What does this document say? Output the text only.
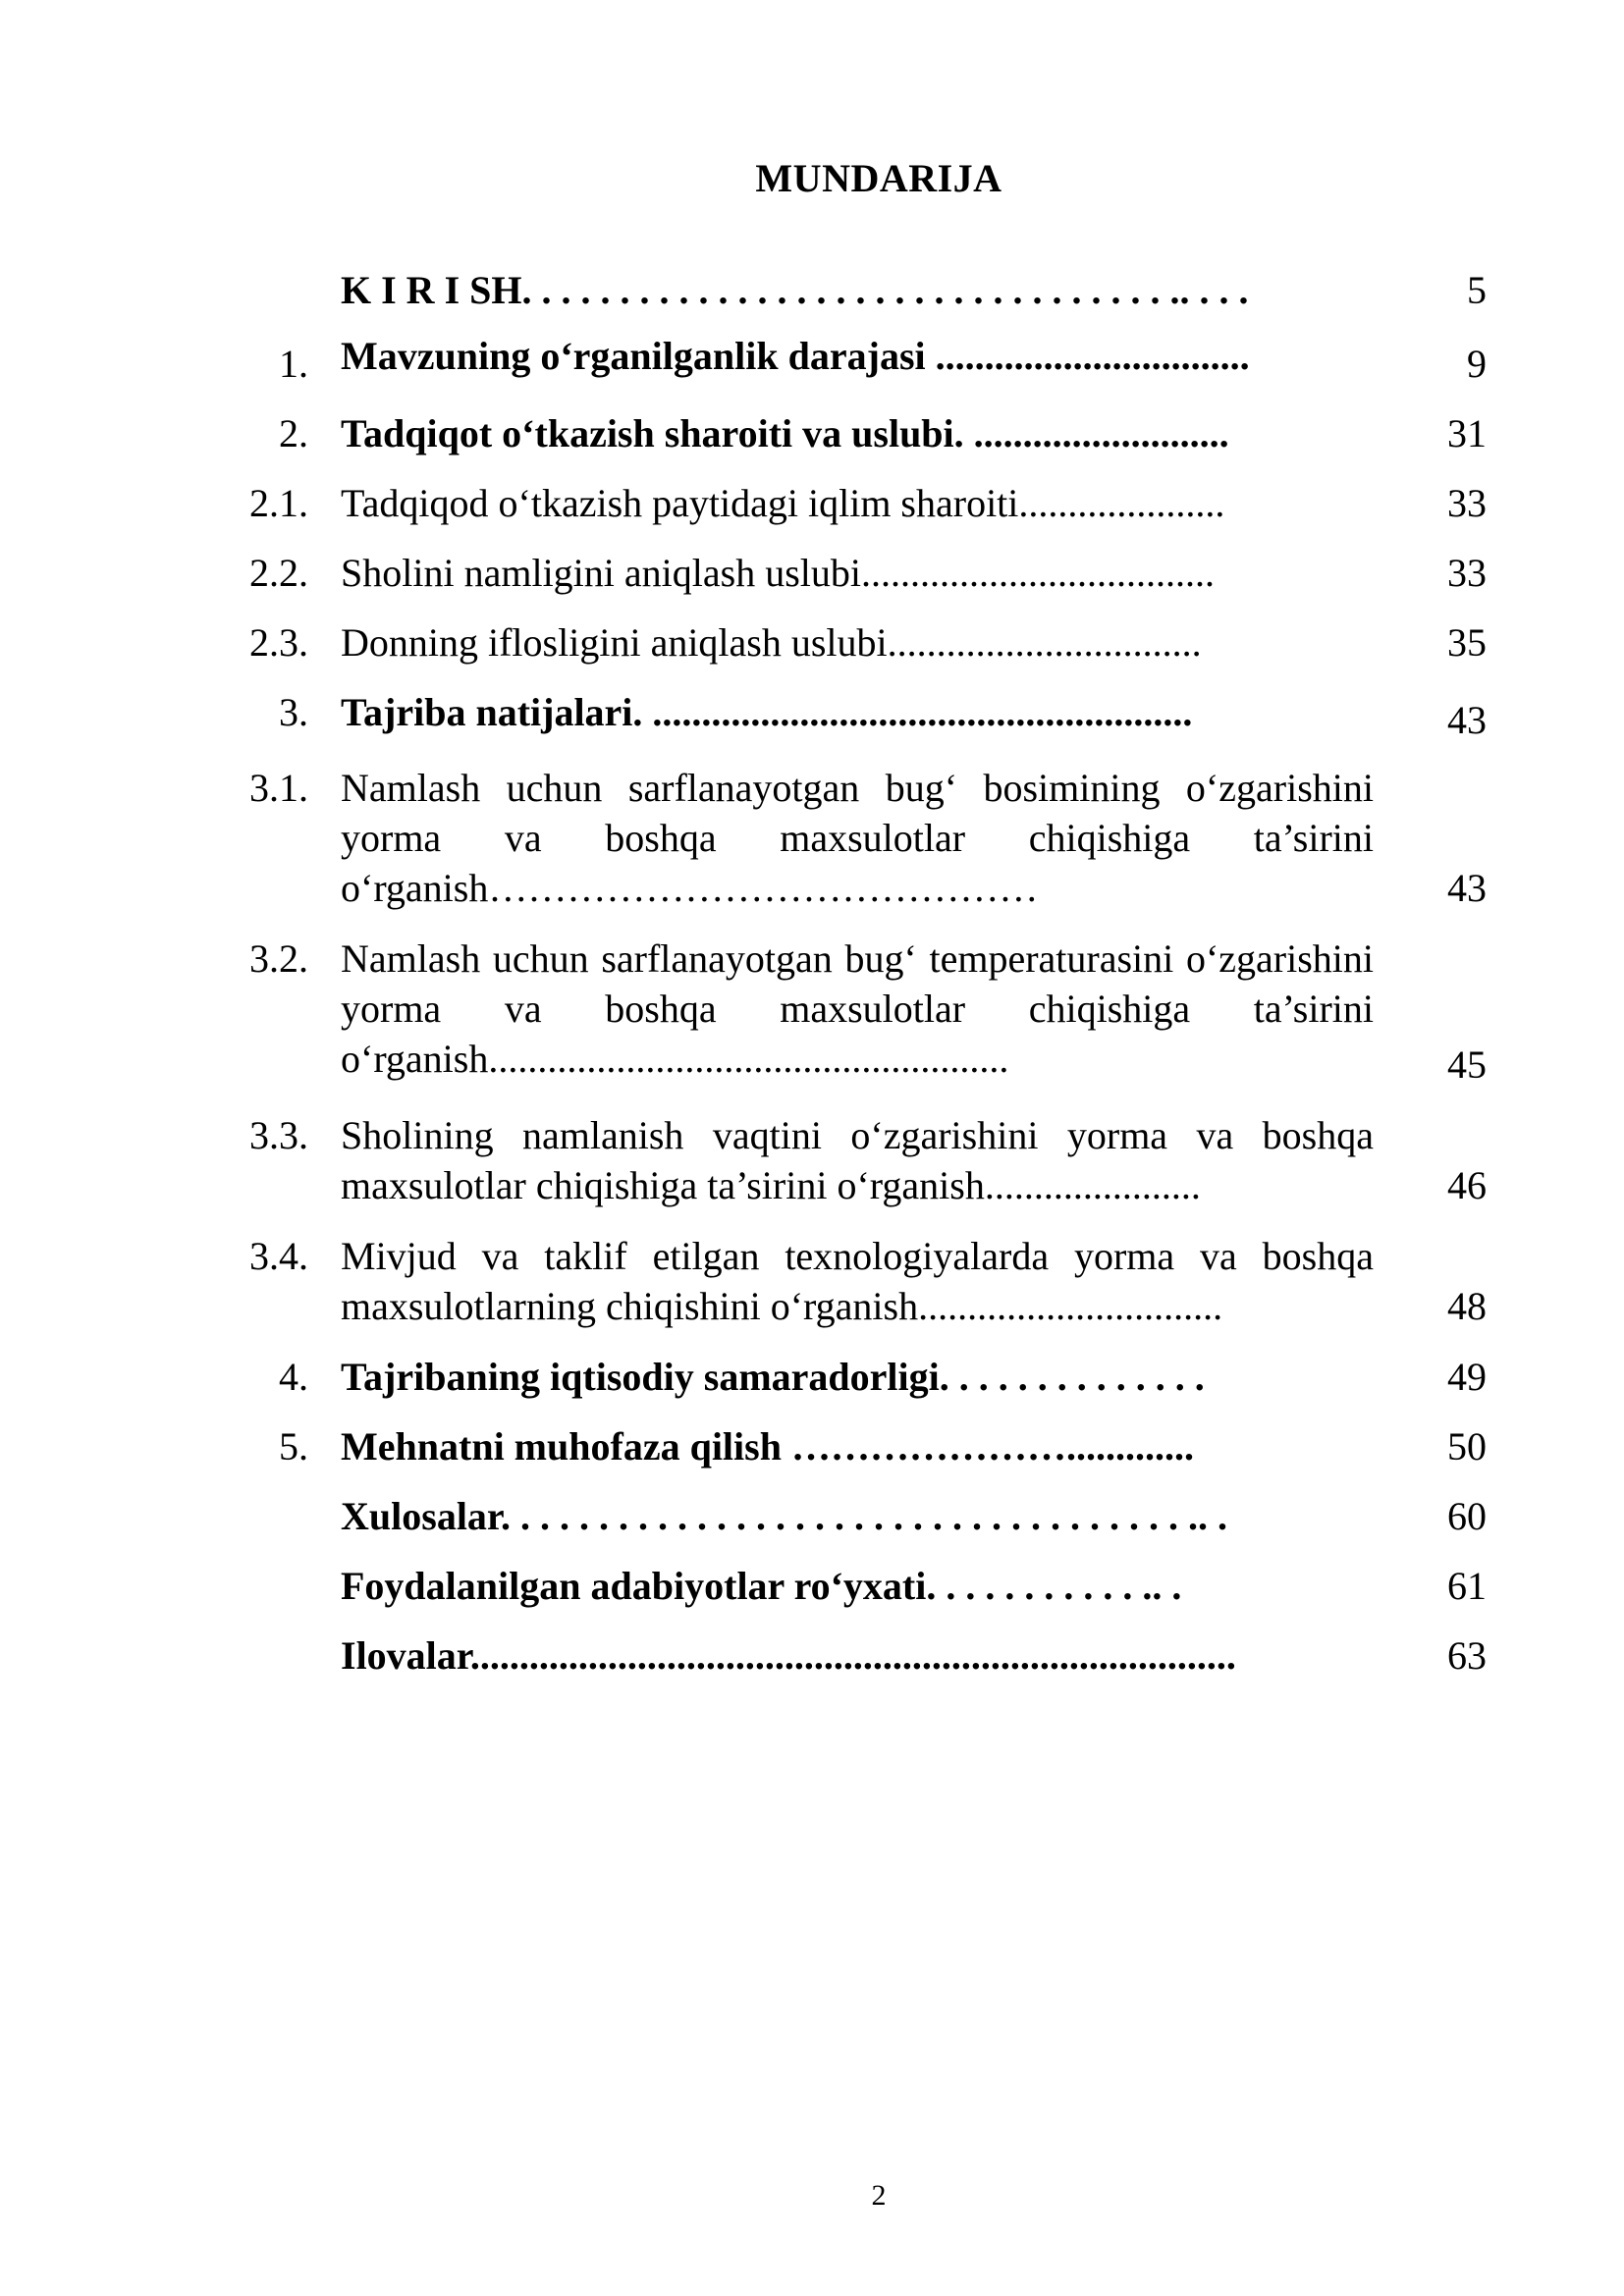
MUNDARIJA
K I R I SH. . . . . . . . . . . . . . . . . . . . . . . . . . . . . . . . . .. . . .	5
1. Mavzuning o‘rganilganlik darajasi ................................	9
2. Tadqiqot o‘tkazish sharoiti va uslubi. ..........................	31
2.1. Tadqiqod o‘tkazish paytidagi iqlim sharoiti.....................	33
2.2. Sholini namligini aniqlash uslubi....................................	33
2.3. Donning iflosligini aniqlash uslubi................................	35
3. Tajriba natijalari. .......................................................	43
3.1. Namlash uchun sarflanayotgan bug‘ bosimining o‘zgarishini yorma va boshqa maxsulotlar chiqishiga ta’sirini o‘rganish……………………………………	43
3.2. Namlash uchun sarflanayotgan bug‘ temperaturasini o‘zgarishini yorma va boshqa maxsulotlar chiqishiga ta’sirini o‘rganish.....................................................	45
3.3. Sholining namlanish vaqtini o‘zgarishini yorma va boshqa maxsulotlar chiqishiga ta’sirini o‘rganish......................	46
3.4. Mivjud va taklif etilgan texnologiyalarda yorma va boshqa maxsulotlarning chiqishini o‘rganish...............................	48
4. Tajribaning iqtisodiy samaradorligi. . . . . . . . . . . . . .	49
5. Mehnatni muhofaza qilish ………………….............	50
Xulosalar. . . . . . . . . . . . . . . . . . . . . . . . . . . . . . . . . . . .. .	60
Foydalanilgan adabiyotlar ro‘yxati. . . . . . . . . . . .. .	61
Ilovalar..............................................................................	63
2
